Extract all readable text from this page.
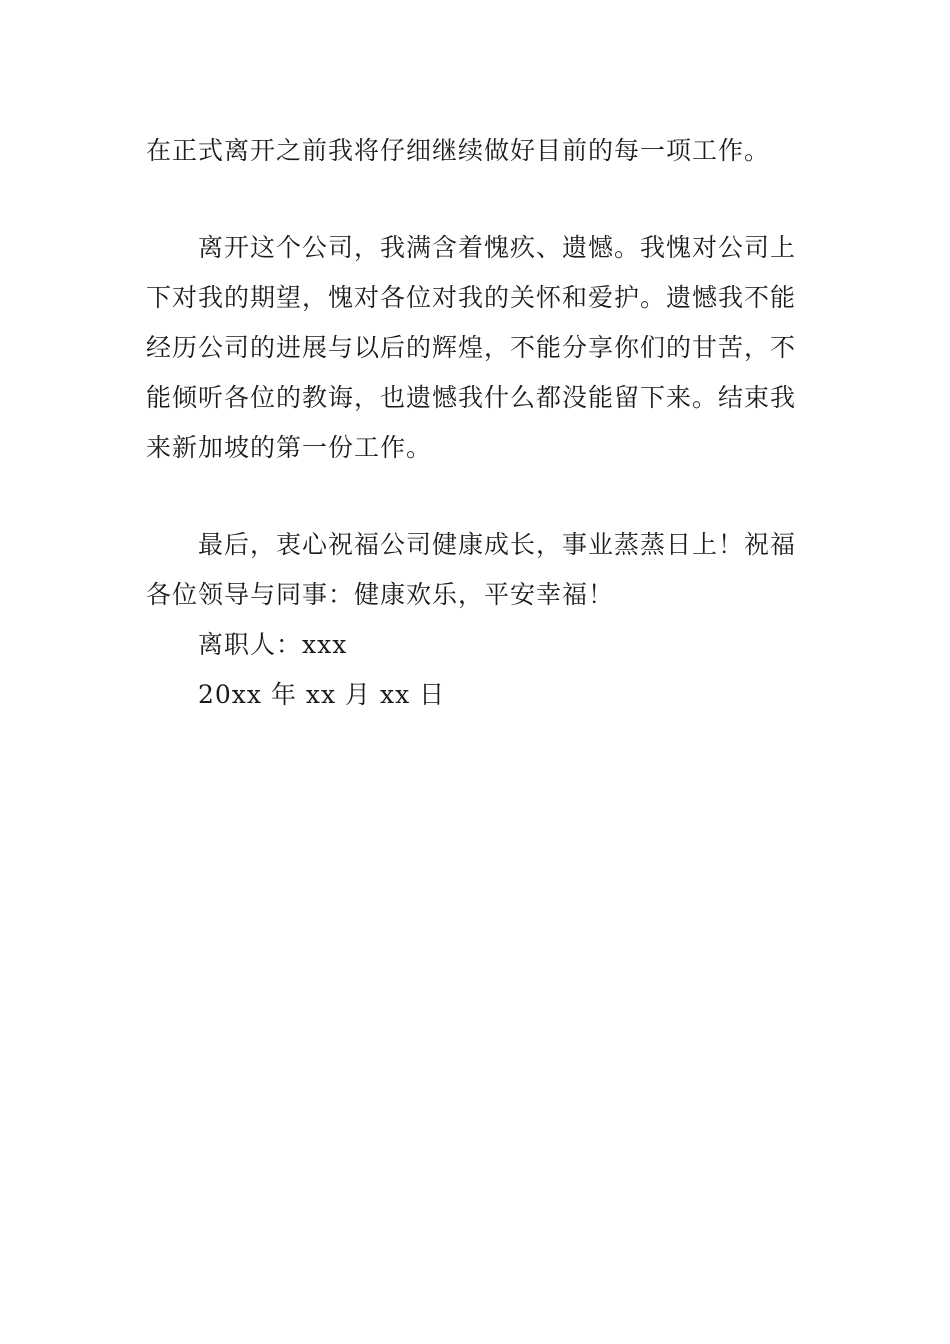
在正式离开之前我将仔细继续做好目前的每一项工作。

离开这个公司，我满含着愧疚、遗憾。我愧对公司上
下对我的期望，愧对各位对我的关怀和爱护。遗憾我不能
经历公司的进展与以后的辉煌，不能分享你们的甘苦，不
能倾听各位的教诲，也遗憾我什么都没能留下来。结束我
来新加坡的第一份工作。

最后，衷心祝福公司健康成长，事业蒸蒸日上！祝福
各位领导与同事：健康欢乐，平安幸福！

离职人：xxx

20xx 年 xx 月 xx 日
